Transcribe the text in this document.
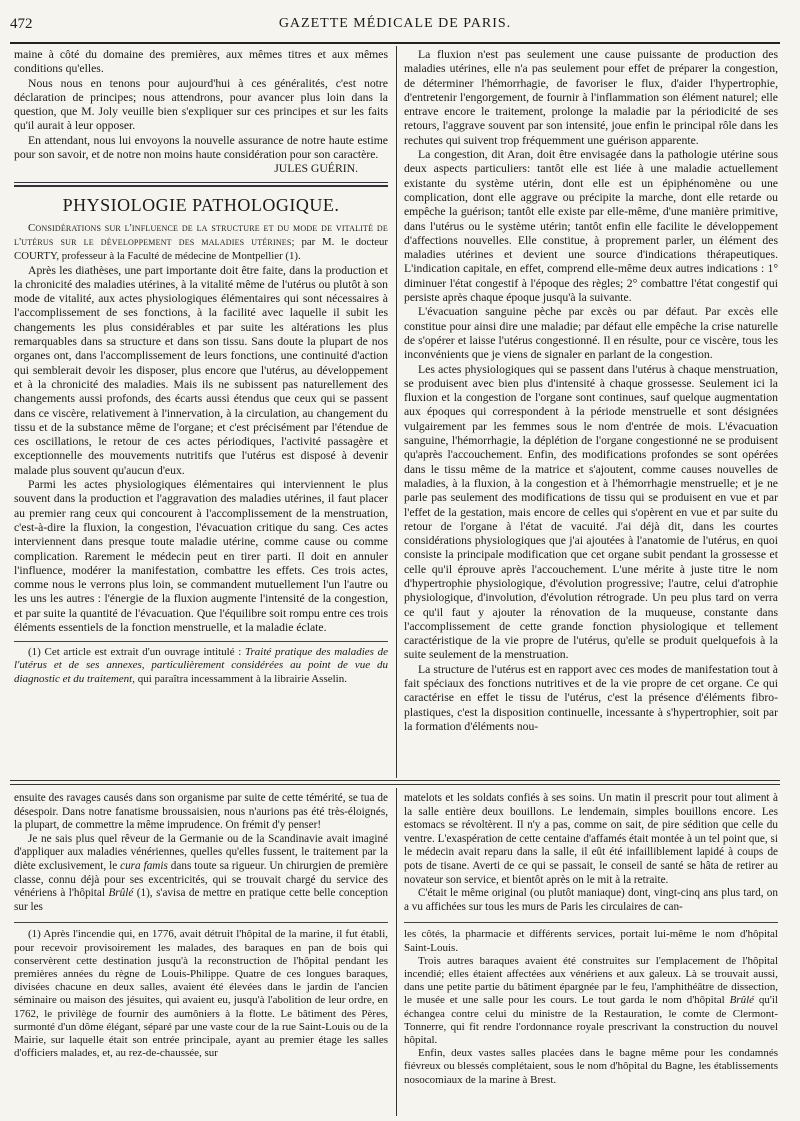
472	GAZETTE MÉDICALE DE PARIS.

maine à côté du domaine des premières, aux mêmes titres et aux mêmes conditions qu'elles.

Nous nous en tenons pour aujourd'hui à ces généralités, c'est notre déclaration de principes; nous attendrons, pour avancer plus loin dans la question, que M. Joly veuille bien s'expliquer sur ces principes et sur les faits qu'il aurait à leur opposer.

En attendant, nous lui envoyons la nouvelle assurance de notre haute estime pour son savoir, et de notre non moins haute considération pour son caractère.

JULES GUÉRIN.
PHYSIOLOGIE PATHOLOGIQUE.

Considérations sur l'influence de la structure et du mode de vitalité de l'utérus sur le développement des maladies utérines; par M. le docteur COURTY, professeur à la Faculté de médecine de Montpellier (1).

Après les diathèses, une part importante doit être faite, dans la production et la chronicité des maladies utérines, à la vitalité même de l'utérus ou plutôt à son mode de vitalité, aux actes physiologiques élémentaires qui sont nécessaires à l'accomplissement de ses fonctions, à la facilité avec laquelle il subit les changements les plus considérables et par suite les altérations les plus remarquables dans sa structure et dans son tissu. Sans doute la plupart de nos organes ont, dans l'accomplissement de leurs fonctions, une continuité d'action qui semblerait devoir les disposer, plus encore que l'utérus, au développement et à la chronicité des maladies. Mais ils ne subissent pas naturellement des changements aussi profonds, des écarts aussi étendus que ceux qui se passent dans ce viscère, relativement à l'innervation, à la circulation, au changement du tissu et de la substance même de l'organe; et c'est précisément par l'étendue de ces oscillations, le retour de ces actes périodiques, l'activité passagère et exceptionnelle des mouvements nutritifs que l'utérus est disposé à devenir malade plus souvent qu'aucun d'eux.

Parmi les actes physiologiques élémentaires qui interviennent le plus souvent dans la production et l'aggravation des maladies utérines, il faut placer au premier rang ceux qui concourent à l'accomplissement de la menstruation, c'est-à-dire la fluxion, la congestion, l'évacuation critique du sang. Ces actes interviennent dans presque toute maladie utérine, comme cause ou comme complication. Rarement le médecin peut en tirer parti. Il doit en annuler l'influence, modérer la manifestation, combattre les effets. Ces trois actes, comme nous le verrons plus loin, se commandent mutuellement l'un l'autre ou les uns les autres : l'énergie de la fluxion augmente l'intensité de la congestion, et par suite la quantité de l'évacuation. Que l'équilibre soit rompu entre ces trois éléments essentiels de la fonction menstruelle, et la maladie éclate.

(1) Cet article est extrait d'un ouvrage intitulé : Traité pratique des maladies de l'utérus et de ses annexes, particulièrement considérées au point de vue du diagnostic et du traitement, qui paraîtra incessamment à la librairie Asselin.

La fluxion n'est pas seulement une cause puissante de production des maladies utérines, elle n'a pas seulement pour effet de préparer la congestion, de déterminer l'hémorrhagie, de favoriser le flux, d'aider l'hypertrophie, d'entretenir l'engorgement, de fournir à l'inflammation son élément naturel; elle entrave encore le traitement, prolonge la maladie par la périodicité de ses retours, l'aggrave souvent par son intensité, joue enfin le principal rôle dans les rechutes qui suivent trop fréquemment une guérison apparente.

La congestion, dit Aran, doit être envisagée dans la pathologie utérine sous deux aspects particuliers: tantôt elle est liée à une maladie actuellement existante du système utérin, dont elle est un épiphénomène ou une complication, dont elle aggrave ou précipite la marche, dont elle retarde ou empêche la guérison; tantôt elle existe par elle-même, d'une manière primitive, dans l'utérus ou le système utérin; tantôt enfin elle facilite le développement d'affections nouvelles. Elle constitue, à proprement parler, un élément des maladies utérines et devient une source d'indications thérapeutiques. L'indication capitale, en effet, comprend elle-même deux autres indications : 1° diminuer l'état congestif à l'époque des règles; 2° combattre l'état congestif qui persiste après chaque époque jusqu'à la suivante.

L'évacuation sanguine pèche par excès ou par défaut. Par excès elle constitue pour ainsi dire une maladie; par défaut elle empêche la crise naturelle de s'opérer et laisse l'utérus congestionné. Il en résulte, pour ce viscère, tous les inconvénients que je viens de signaler en parlant de la congestion.

Les actes physiologiques qui se passent dans l'utérus à chaque menstruation, se produisent avec bien plus d'intensité à chaque grossesse. Seulement ici la fluxion et la congestion de l'organe sont continues, sauf quelque augmentation aux époques qui correspondent à la période menstruelle et sont désignées vulgairement par les femmes sous le nom d'entrée de mois. L'évacuation sanguine, l'hémorrhagie, la déplétion de l'organe congestionné ne se produisent qu'après l'accouchement. Enfin, des modifications profondes se sont opérées dans le tissu même de la matrice et s'ajoutent, comme causes nouvelles de maladies, à la fluxion, à la congestion et à l'hémorrhagie menstruelle; et je ne parle pas seulement des modifications de tissu qui se produisent en vue et par l'effet de la gestation, mais encore de celles qui s'opèrent en vue et par suite du retour de l'organe à l'état de vacuité. J'ai déjà dit, dans les courtes considérations physiologiques que j'ai ajoutées à l'anatomie de l'utérus, en quoi consiste la principale modification que cet organe subit pendant la grossesse et celle qu'il éprouve après l'accouchement. L'une mérite à juste titre le nom d'hypertrophie physiologique, d'évolution progressive; l'autre, celui d'atrophie physiologique, d'involution, d'évolution rétrograde. Un peu plus tard on verra ce qu'il faut y ajouter la rénovation de la muqueuse, constante dans l'accomplissement de cette grande fonction physiologique et tellement caractéristique de la vie propre de l'utérus, qu'elle se produit quelquefois à la suite seulement de la menstruation.

La structure de l'utérus est en rapport avec ces modes de manifestation tout à fait spéciaux des fonctions nutritives et de la vie propre de cet organe. Ce qui caractérise en effet le tissu de l'utérus, c'est la présence d'éléments fibro-plastiques, c'est la disposition continuelle, incessante à s'hypertrophier, soit par la formation d'éléments nou-

ensuite des ravages causés dans son organisme par suite de cette témérité, se tua de désespoir. Dans notre fanatisme broussaisien, nous n'aurions pas été très-éloignés, la plupart, de commettre la même imprudence. On frémit d'y penser!

Je ne sais plus quel rêveur de la Germanie ou de la Scandinavie avait imaginé d'appliquer aux maladies vénériennes, quelles qu'elles fussent, le traitement par la diète exclusivement, le cura famis dans toute sa rigueur. Un chirurgien de première classe, connu déjà pour ses excentricités, qui se trouvait chargé du service des vénériens à l'hôpital Brûlé (1), s'avisa de mettre en pratique cette belle conception sur les

(1) Après l'incendie qui, en 1776, avait détruit l'hôpital de la marine, il fut établi, pour recevoir provisoirement les malades, des baraques en pan de bois qui conservèrent cette destination jusqu'à la reconstruction de l'hôpital pendant les premières années du règne de Louis-Philippe. Quatre de ces longues baraques, divisées chacune en deux salles, avaient été élevées dans le jardin de l'ancien séminaire ou maison des jésuites, qui avaient eu, jusqu'à l'abolition de leur ordre, en 1762, le privilège de fournir des aumôniers à la flotte. Le bâtiment des Pères, surmonté d'un dôme élégant, séparé par une vaste cour de la rue Saint-Louis ou de la Mairie, sur laquelle était son entrée principale, ayant au premier étage les salles d'officiers malades, et, au rez-de-chaussée, sur

matelots et les soldats confiés à ses soins. Un matin il prescrit pour tout aliment à la salle entière deux bouillons. Le lendemain, simples bouillons encore. Les estomacs se révoltèrent. Il n'y a pas, comme on sait, de pire sédition que celle du ventre. L'exaspération de cette centaine d'affamés était montée à un tel point que, si le médecin avait reparu dans la salle, il eût été infailliblement lapidé à coups de pots de tisane. Averti de ce qui se passait, le conseil de santé se hâta de retirer au novateur son service, et bientôt après on le mit à la retraite.

C'était le même original (ou plutôt maniaque) dont, vingt-cinq ans plus tard, on a vu affichées sur tous les murs de Paris les circulaires de can-

les côtés, la pharmacie et différents services, portait lui-même le nom d'hôpital Saint-Louis.

Trois autres baraques avaient été construites sur l'emplacement de l'hôpital incendié; elles étaient affectées aux vénériens et aux galeux. Là se trouvait aussi, dans une petite partie du bâtiment épargnée par le feu, l'amphithéâtre de dissection, le musée et une salle pour les cours. Le tout garda le nom d'hôpital Brûlé qu'il échangea contre celui du ministre de la Restauration, le comte de Clermont-Tonnerre, qui fit rendre l'ordonnance royale prescrivant la construction du nouvel hôpital.

Enfin, deux vastes salles placées dans le bagne même pour les condamnés fiévreux ou blessés complétaient, sous le nom d'hôpital du Bagne, les établissements nosocomiaux de la marine à Brest.
